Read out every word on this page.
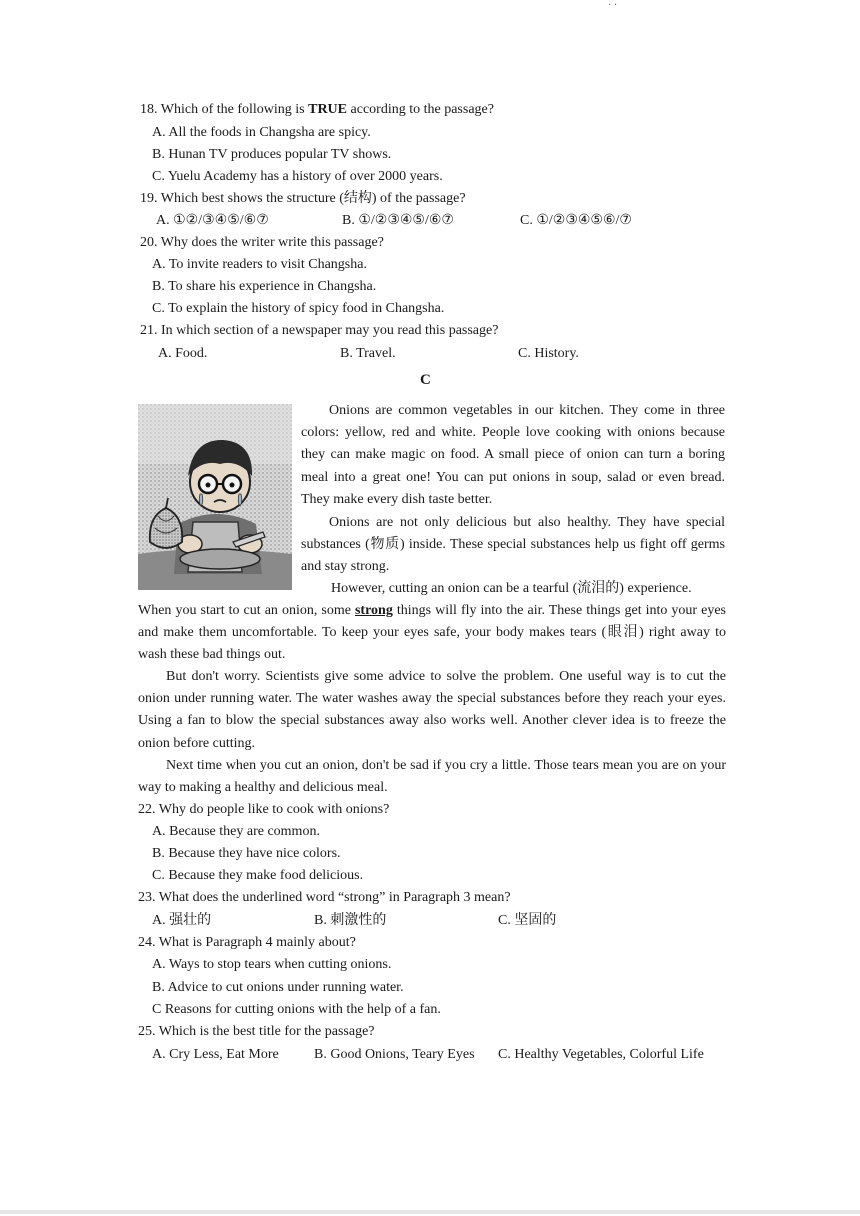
· ·
18. Which of the following is TRUE according to the passage?
A. All the foods in Changsha are spicy.
B. Hunan TV produces popular TV shows.
C. Yuelu Academy has a history of over 2000 years.
19. Which best shows the structure (结构) of the passage?
A. ①②/③④⑤/⑥⑦	B. ①/②③④⑤/⑥⑦	C. ①/②③④⑤⑥/⑦
20. Why does the writer write this passage?
A. To invite readers to visit Changsha.
B. To share his experience in Changsha.
C. To explain the history of spicy food in Changsha.
21. In which section of a newspaper may you read this passage?
A. Food.	B. Travel.	C. History.
C

Onions are common vegetables in our kitchen. They come in three colors: yellow, red and white. People love cooking with onions because they can make magic on food. A small piece of onion can turn a boring meal into a great one! You can put onions in soup, salad or even bread. They make every dish taste better.

Onions are not only delicious but also healthy. They have special substances (物质) inside. These special substances help us fight off germs and stay strong.

However, cutting an onion can be a tearful (流泪的) experience.

When you start to cut an onion, some strong things will fly into the air. These things get into your eyes and make them uncomfortable. To keep your eyes safe, your body makes tears (眼泪) right away to wash these bad things out.

But don't worry. Scientists give some advice to solve the problem. One useful way is to cut the onion under running water. The water washes away the special substances before they reach your eyes. Using a fan to blow the special substances away also works well. Another clever idea is to freeze the onion before cutting.

Next time when you cut an onion, don't be sad if you cry a little. Those tears mean you are on your way to making a healthy and delicious meal.

22. Why do people like to cook with onions?
A. Because they are common.
B. Because they have nice colors.
C. Because they make food delicious.
23. What does the underlined word “strong” in Paragraph 3 mean?
A. 强壮的	B. 刺激性的	C. 坚固的
24. What is Paragraph 4 mainly about?
A. Ways to stop tears when cutting onions.
B. Advice to cut onions under running water.
C Reasons for cutting onions with the help of a fan.
25. Which is the best title for the passage?
A. Cry Less, Eat More	B. Good Onions, Teary Eyes C. Healthy Vegetables, Colorful Life
